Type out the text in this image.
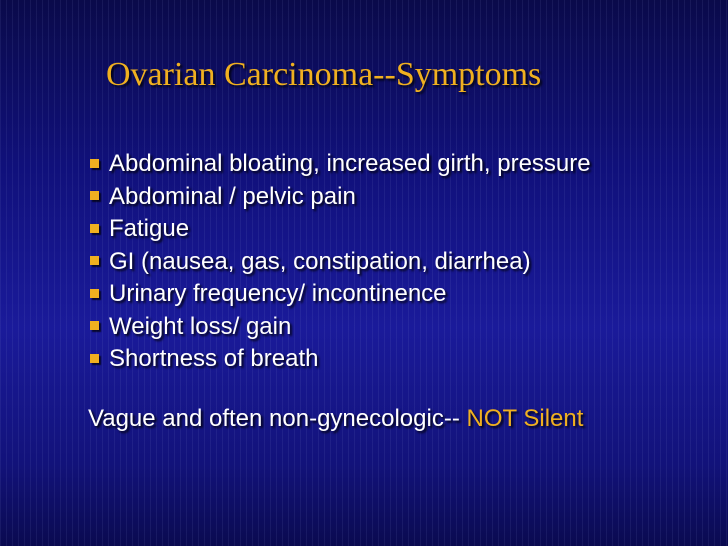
Ovarian Carcinoma--Symptoms
Abdominal bloating, increased girth, pressure
Abdominal / pelvic pain
Fatigue
GI (nausea, gas, constipation, diarrhea)
Urinary frequency/ incontinence
Weight loss/ gain
Shortness of breath
Vague and often non-gynecologic-- NOT Silent
